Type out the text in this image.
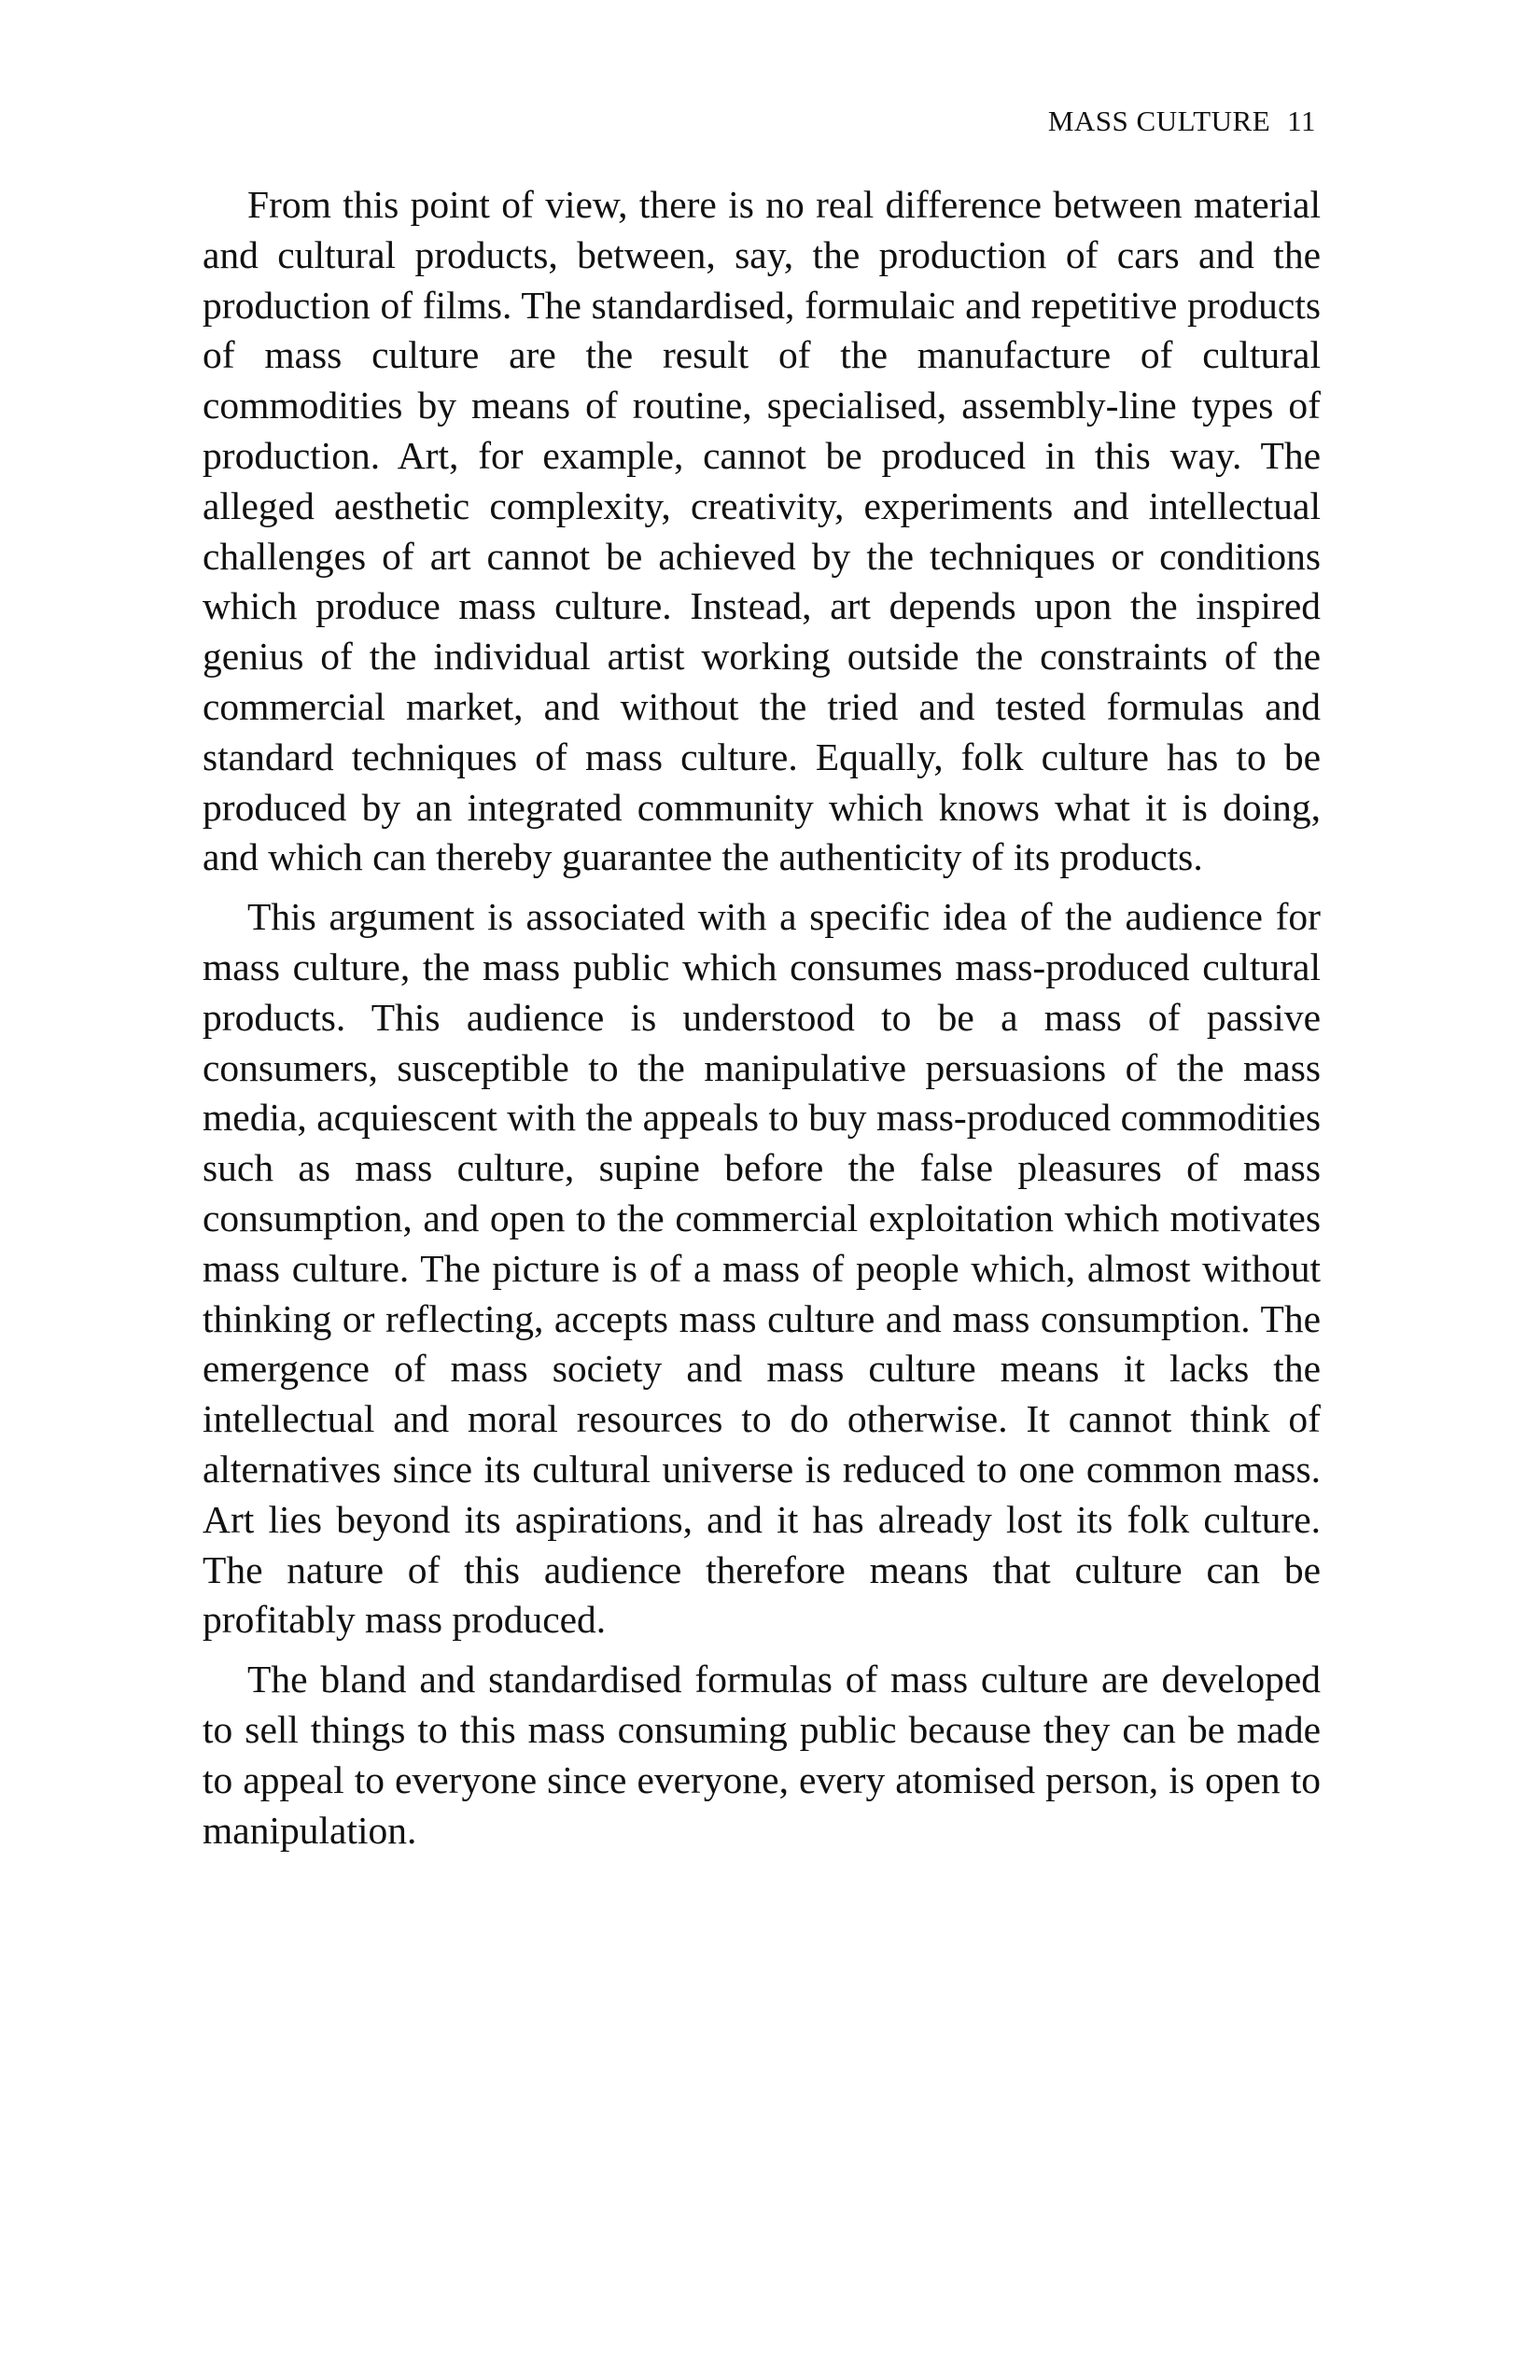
MASS CULTURE 11

From this point of view, there is no real difference between material and cultural products, between, say, the production of cars and the production of films. The standardised, formulaic and repetitive products of mass culture are the result of the manufacture of cultural commodities by means of routine, specialised, assembly-line types of production. Art, for example, cannot be produced in this way. The alleged aesthetic complexity, creativity, experiments and intellectual challenges of art cannot be achieved by the techniques or conditions which produce mass culture. Instead, art depends upon the inspired genius of the individual artist working outside the constraints of the commercial market, and without the tried and tested formulas and standard techniques of mass culture. Equally, folk culture has to be produced by an integrated community which knows what it is doing, and which can thereby guarantee the authenticity of its products.

This argument is associated with a specific idea of the audience for mass culture, the mass public which consumes mass-produced cultural products. This audience is understood to be a mass of passive consumers, susceptible to the manipulative persuasions of the mass media, acquiescent with the appeals to buy mass-produced commodities such as mass culture, supine before the false pleasures of mass consumption, and open to the commercial exploitation which motivates mass culture. The picture is of a mass of people which, almost without thinking or reflecting, accepts mass culture and mass consumption. The emergence of mass society and mass culture means it lacks the intellectual and moral resources to do otherwise. It cannot think of alternatives since its cultural universe is reduced to one common mass. Art lies beyond its aspirations, and it has already lost its folk culture. The nature of this audience therefore means that culture can be profitably mass produced.

The bland and standardised formulas of mass culture are developed to sell things to this mass consuming public because they can be made to appeal to everyone since everyone, every atomised person, is open to manipulation.
